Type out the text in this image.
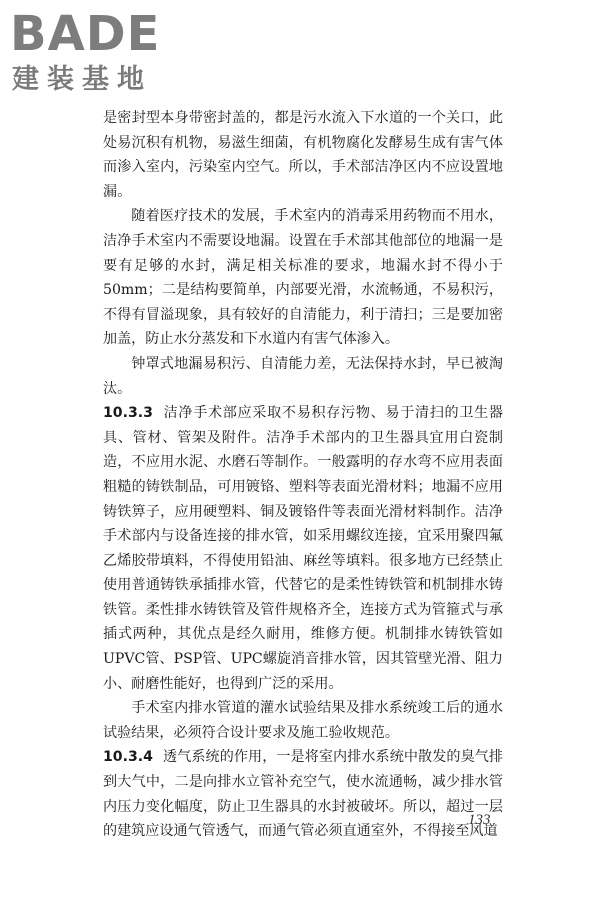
BADE
建装基地

是密封型本身带密封盖的，都是污水流入下水道的一个关口，此处易沉积有机物，易滋生细菌，有机物腐化发酵易生成有害气体而渗入室内，污染室内空气。所以，手术部洁净区内不应设置地漏。

随着医疗技术的发展，手术室内的消毒采用药物而不用水，洁净手术室内不需要设地漏。设置在手术部其他部位的地漏一是要有足够的水封，满足相关标准的要求，地漏水封不得小于50mm；二是结构要简单，内部要光滑，水流畅通，不易积污，不得有冒溢现象，具有较好的自清能力，利于清扫；三是要加密加盖，防止水分蒸发和下水道内有害气体渗入。

钟罩式地漏易积污、自清能力差，无法保持水封，早已被淘汰。

10.3.3 洁净手术部应采取不易积存污物、易于清扫的卫生器具、管材、管架及附件。洁净手术部内的卫生器具宜用白瓷制造，不应用水泥、水磨石等制作。一般露明的存水弯不应用表面粗糙的铸铁制品，可用镀铬、塑料等表面光滑材料；地漏不应用铸铁箅子，应用硬塑料、铜及镀铬件等表面光滑材料制作。洁净手术部内与设备连接的排水管，如采用螺纹连接，宜采用聚四氟乙烯胶带填料，不得使用铅油、麻丝等填料。很多地方已经禁止使用普通铸铁承插排水管，代替它的是柔性铸铁管和机制排水铸铁管。柔性排水铸铁管及管件规格齐全，连接方式为管箍式与承插式两种，其优点是经久耐用，维修方便。机制排水铸铁管如UPVC管、PSP管、UPC螺旋消音排水管，因其管壁光滑、阻力小、耐磨性能好，也得到广泛的采用。

手术室内排水管道的灌水试验结果及排水系统竣工后的通水试验结果，必须符合设计要求及施工验收规范。

10.3.4 透气系统的作用，一是将室内排水系统中散发的臭气排到大气中，二是向排水立管补充空气，使水流通畅，减少排水管内压力变化幅度，防止卫生器具的水封被破坏。所以，超过一层的建筑应设通气管透气，而通气管必须直通室外，不得接至风道

133
